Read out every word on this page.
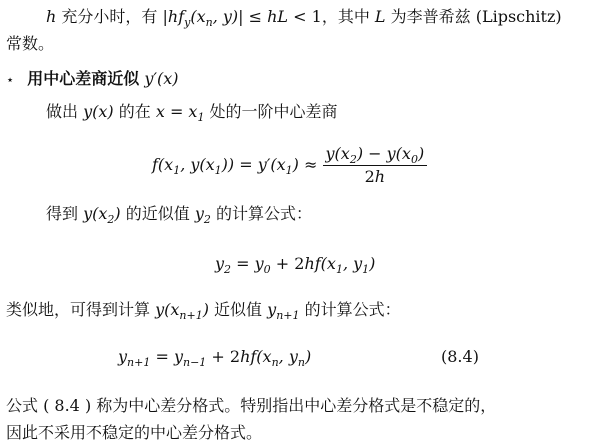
h 充分小时，有 $|hf_y(x_n$, y)| ≤ hL < 1，其中 L 为李普希兹 (Lipschitz)
常数。
⋆ 用中心差商近似 y′(x)
做出 y(x) 的在 $x = x_1$ 处的一阶中心差商
$f(x_1$, $y(x_1)) = y'(x_1) \approx \frac{y(x_2) - y(x_0)}{2h}$
得到 $y(x_2)$ 的近似值 $y_2$ 的计算公式：
$y_2 = y_0 + 2hf(x_1$, $y_1$)
类似地，可得到计算 $y(x_{n+1})$ 近似值 $y_{n+1}$ 的计算公式：
$y_{n+1} = y_{n-1} + 2hf(x_n$, $y_n$)	(8.4)
公式 ( 8.4 ) 称为中心差分格式。特别指出中心差分格式是不稳定的，
因此不采用不稳定的中心差分格式。
